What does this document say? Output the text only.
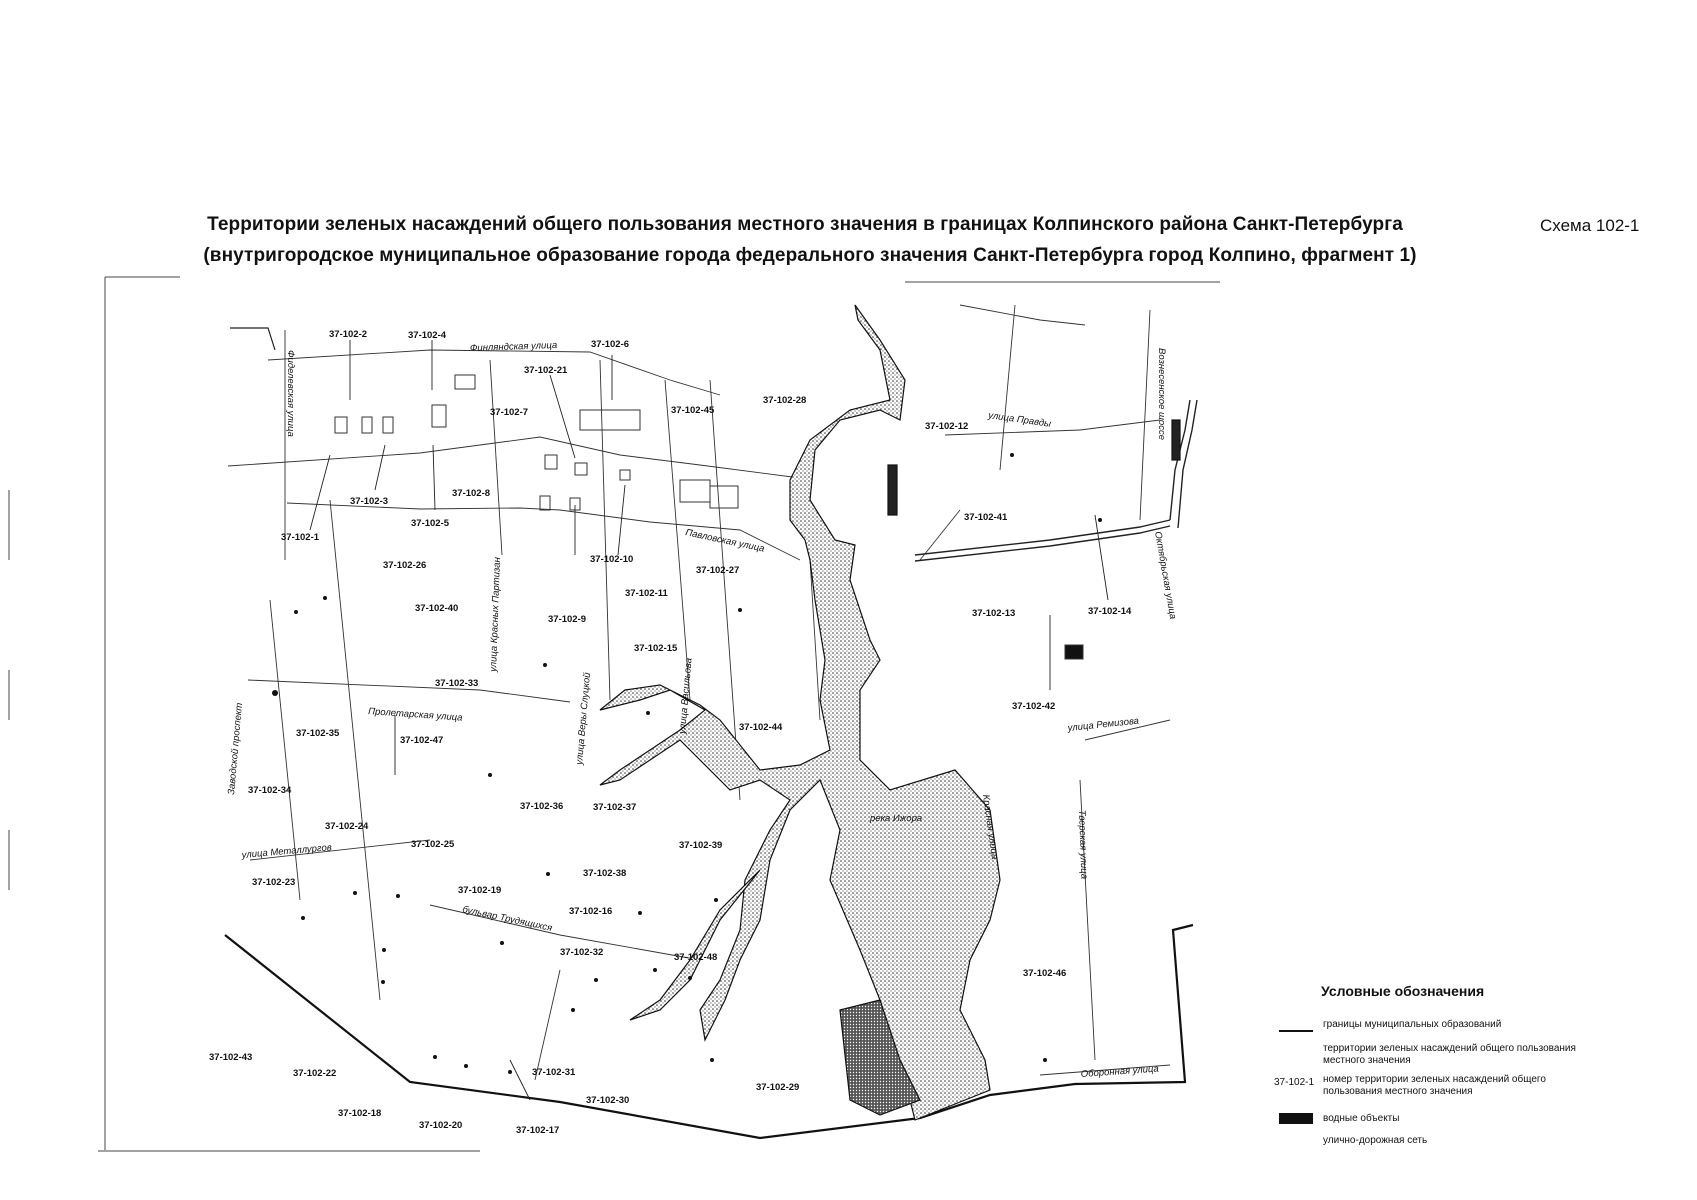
Территории зеленых насаждений общего пользования местного значения в границах Колпинского района Санкт-Петербурга
(внутригородское муниципальное образование города федерального значения Санкт-Петербурга город Колпино, фрагмент 1)
Схема 102-1
37-102-1
37-102-2
37-102-3
37-102-4
37-102-5
37-102-6
37-102-7
37-102-8
37-102-9
37-102-10
37-102-11
37-102-12
37-102-13	37-102-14
37-102-15
37-102-16
37-102-17
37-102-18
37-102-19
37-102-20
37-102-21
37-102-22
37-102-23
37-102-24
37-102-25
37-102-26	37-102-27
37-102-28
37-102-29
37-102-30
37-102-31
37-102-32
37-102-33
37-102-34
37-102-35
37-102-36	37-102-37
37-102-38
37-102-39
37-102-40
37-102-41
37-102-42
37-102-43
37-102-44
37-102-45
37-102-46
37-102-47
37-102-48
Финляндская улица
Фиделевская улица
Павловская улица
улица Правды	Вознесенское шоссе
Октябрьская улица
улица Красных Партизан
улица Веры Слуцкой	улица Васильова
Пролетарская улица
Заводской проспект
улица Металлургов
бульвар Трудящихся
улица Ремизова
Красная улица	Тверская улица
Оборонная улица
река Ижора
Условные обозначения
границы муниципальных образований
территории зеленых насаждений общего пользования местного значения
37-102-1 номер территории зеленых насаждений общего пользования местного значения
водные объекты
улично-дорожная сеть
